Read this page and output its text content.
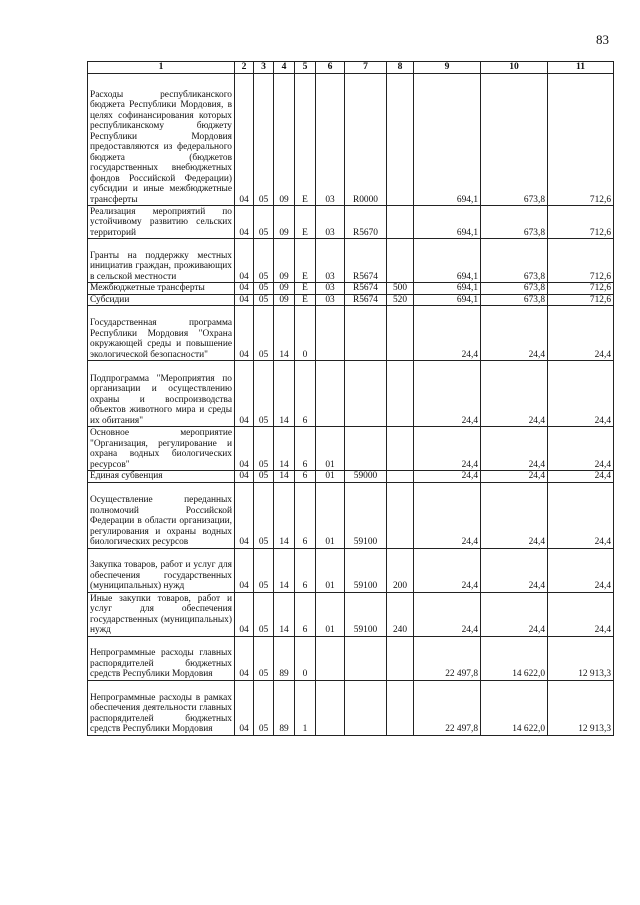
83
1	2	3	4	5	6	7	8	9	10	11
Расходы республиканского бюджета Республики Мордовия, в целях софинансирования которых республиканскому бюджету Республики Мордовия предоставляются из федерального бюджета (бюджетов государственных внебюджетных фондов Российской Федерации) субсидии и иные межбюджетные трансферты	04	05	09	E	03	R0000		694,1	673,8	712,6
Реализация мероприятий по устойчивому развитию сельских территорий	04	05	09	E	03	R5670		694,1	673,8	712,6
Гранты на поддержку местных инициатив граждан, проживающих в сельской местности	04	05	09	E	03	R5674		694,1	673,8	712,6
Межбюджетные трансферты	04	05	09	E	03	R5674	500	694,1	673,8	712,6
Субсидии	04	05	09	E	03	R5674	520	694,1	673,8	712,6
Государственная программа Республики Мордовия "Охрана окружающей среды и повышение экологической безопасности"	04	05	14	0				24,4	24,4	24,4
Подпрограмма "Мероприятия по организации и осуществлению охраны и воспроизводства объектов животного мира и среды их обитания"	04	05	14	6				24,4	24,4	24,4
Основное мероприятие "Организация, регулирование и охрана водных биологических ресурсов"	04	05	14	6	01			24,4	24,4	24,4
Единая субвенция	04	05	14	6	01	59000		24,4	24,4	24,4
Осуществление переданных полномочий Российской Федерации в области организации, регулирования и охраны водных биологических ресурсов	04	05	14	6	01	59100		24,4	24,4	24,4
Закупка товаров, работ и услуг для обеспечения государственных (муниципальных) нужд	04	05	14	6	01	59100	200	24,4	24,4	24,4
Иные закупки товаров, работ и услуг для обеспечения государственных (муниципальных) нужд	04	05	14	6	01	59100	240	24,4	24,4	24,4
Непрограммные расходы главных распорядителей бюджетных средств Республики Мордовия	04	05	89	0				22 497,8	14 622,0	12 913,3
Непрограммные расходы в рамках обеспечения деятельности главных распорядителей бюджетных средств Республики Мордовия	04	05	89	1				22 497,8	14 622,0	12 913,3
